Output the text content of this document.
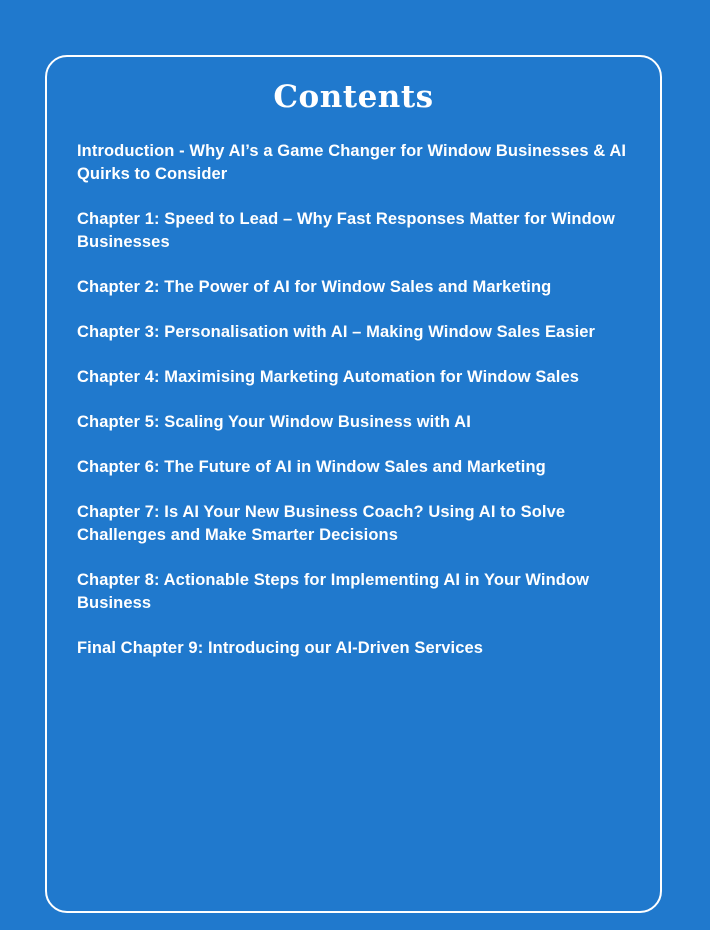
Contents
Introduction - Why AI’s a Game Changer for Window Businesses & AI Quirks to Consider
Chapter 1: Speed to Lead – Why Fast Responses Matter for Window Businesses
Chapter 2: The Power of AI for Window Sales and Marketing
Chapter 3: Personalisation with AI – Making Window Sales Easier
Chapter 4: Maximising Marketing Automation for Window Sales
Chapter 5: Scaling Your Window Business with AI
Chapter 6: The Future of AI in Window Sales and Marketing
Chapter 7: Is AI Your New Business Coach? Using AI to Solve Challenges and Make Smarter Decisions
Chapter 8: Actionable Steps for Implementing AI in Your Window Business
Final Chapter 9: Introducing our AI-Driven Services
